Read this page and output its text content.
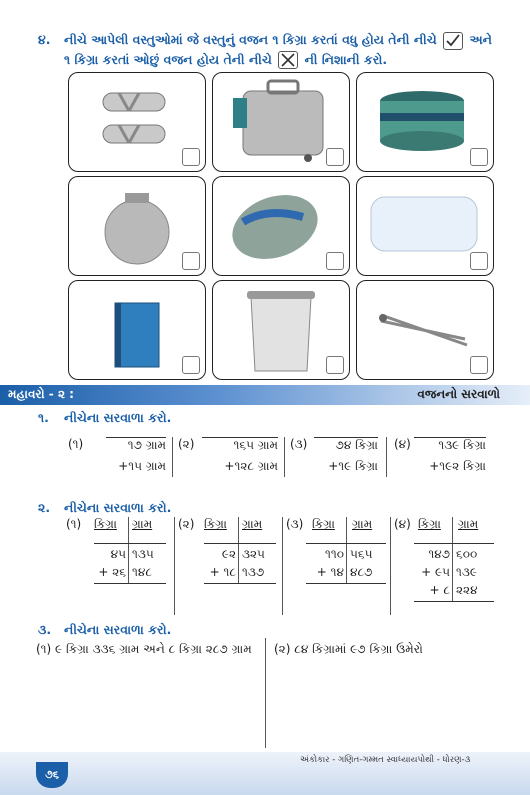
૪. નીચે આપેલી વસ્તુઓમાં જે વસ્તુનું વજન ૧ કિગ્રા કરતાં વધુ હોય તેની નીચે	અને
૧ કિગ્રા કરતાં ઓછું વજન હોય તેની નીચે	ની નિશાની કરો.
મહાવરો - ૨ :	વજનનો સરવાળો
૧. નીચેના સરવાળા કરો.
(૧)	૧૭ ગ્રામ
+૧૫ ગ્રામ
(૨)	૧૬૫ ગ્રામ
+૧૨૮ ગ્રામ
(૩)	૭૪ કિગ્રા
+૧૯ કિગ્રા
(૪)	૧૩૯ કિગ્રા
+૧૯૨ કિગ્રા
૨. નીચેના સરવાળા કરો.
(૧) કિગ્રા ગ્રામ
૪૫ ૧૩૫
+ ૨૬ ૧૪૮
(૨) કિગ્રા ગ્રામ
૯૨ ૩૨૫
+ ૧૮ ૧૩૭
(૩) કિગ્રા ગ્રામ
૧૧૦ ૫૬૫
+ ૧૪ ૪૮૭
(૪) કિગ્રા ગ્રામ
૧૪૭ ૬૦૦
+ ૯૫ ૧૩૯
+ ૮ ૨૨૪
૩. નીચેના સરવાળા કરો.
(૧) ૯ કિગ્રા ૩૩૬ ગ્રામ અને ૮ કિગ્રા ૨૮૭ ગ્રામ (૨) ૮૪ કિગ્રામાં ૯૭ કિગ્રા ઉમેરો
અંકોકાર - ગણિત-ગમ્મત સ્વાધ્યાયપોથી - ધોરણ-૩
૭૬
